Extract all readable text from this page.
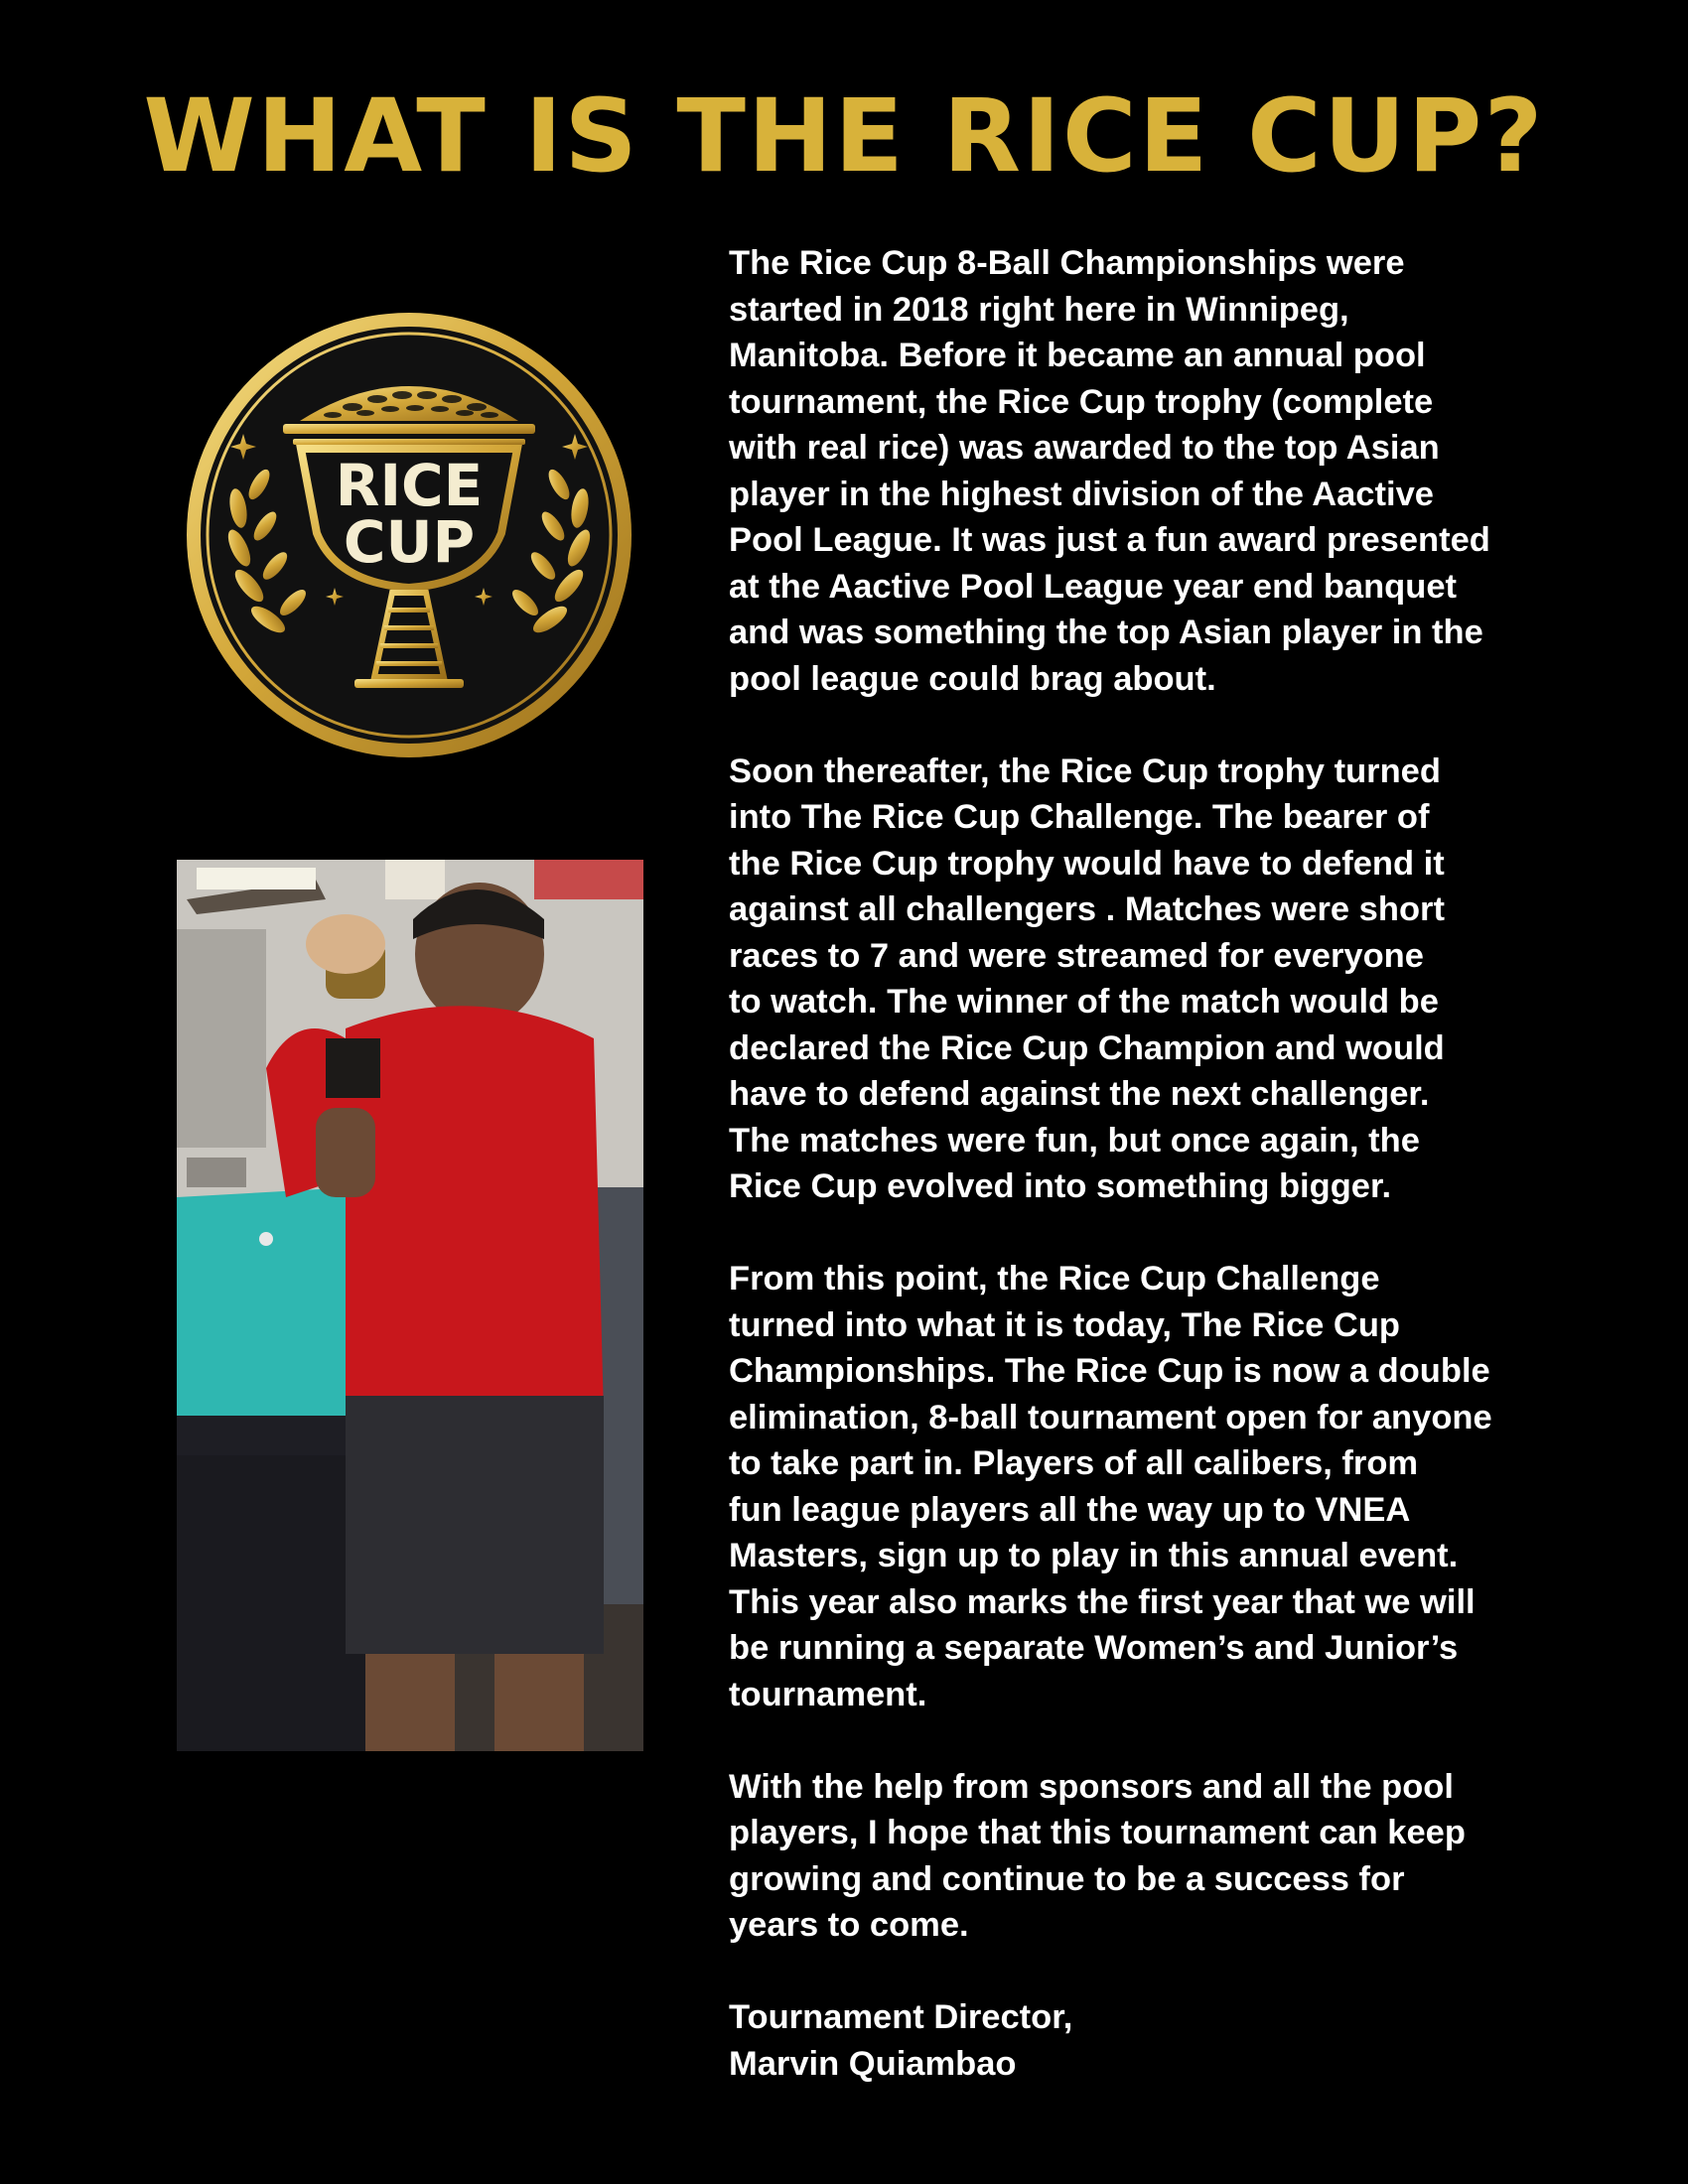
WHAT IS THE RICE CUP?
RICE
CUP

The Rice Cup 8-Ball Championships were
started in 2018 right here in Winnipeg,
Manitoba. Before it became an annual pool
tournament, the Rice Cup trophy (complete
with real rice) was awarded to the top Asian
player in the highest division of the Aactive
Pool League. It was just a fun award presented
at the Aactive Pool League year end banquet
and was something the top Asian player in the
pool league could brag about.

Soon thereafter, the Rice Cup trophy turned
into The Rice Cup Challenge. The bearer of
the Rice Cup trophy would have to defend it
against all challengers . Matches were short
races to 7 and were streamed for everyone
to watch. The winner of the match would be
declared the Rice Cup Champion and would
have to defend against the next challenger.
The matches were fun, but once again, the
Rice Cup evolved into something bigger.

From this point, the Rice Cup Challenge
turned into what it is today, The Rice Cup
Championships. The Rice Cup is now a double
elimination, 8-ball tournament open for anyone
to take part in. Players of all calibers, from
fun league players all the way up to VNEA
Masters, sign up to play in this annual event.
This year also marks the first year that we will
be running a separate Women’s and Junior’s
tournament.

With the help from sponsors and all the pool
players, I hope that this tournament can keep
growing and continue to be a success for
years to come.

Tournament Director,
Marvin Quiambao
